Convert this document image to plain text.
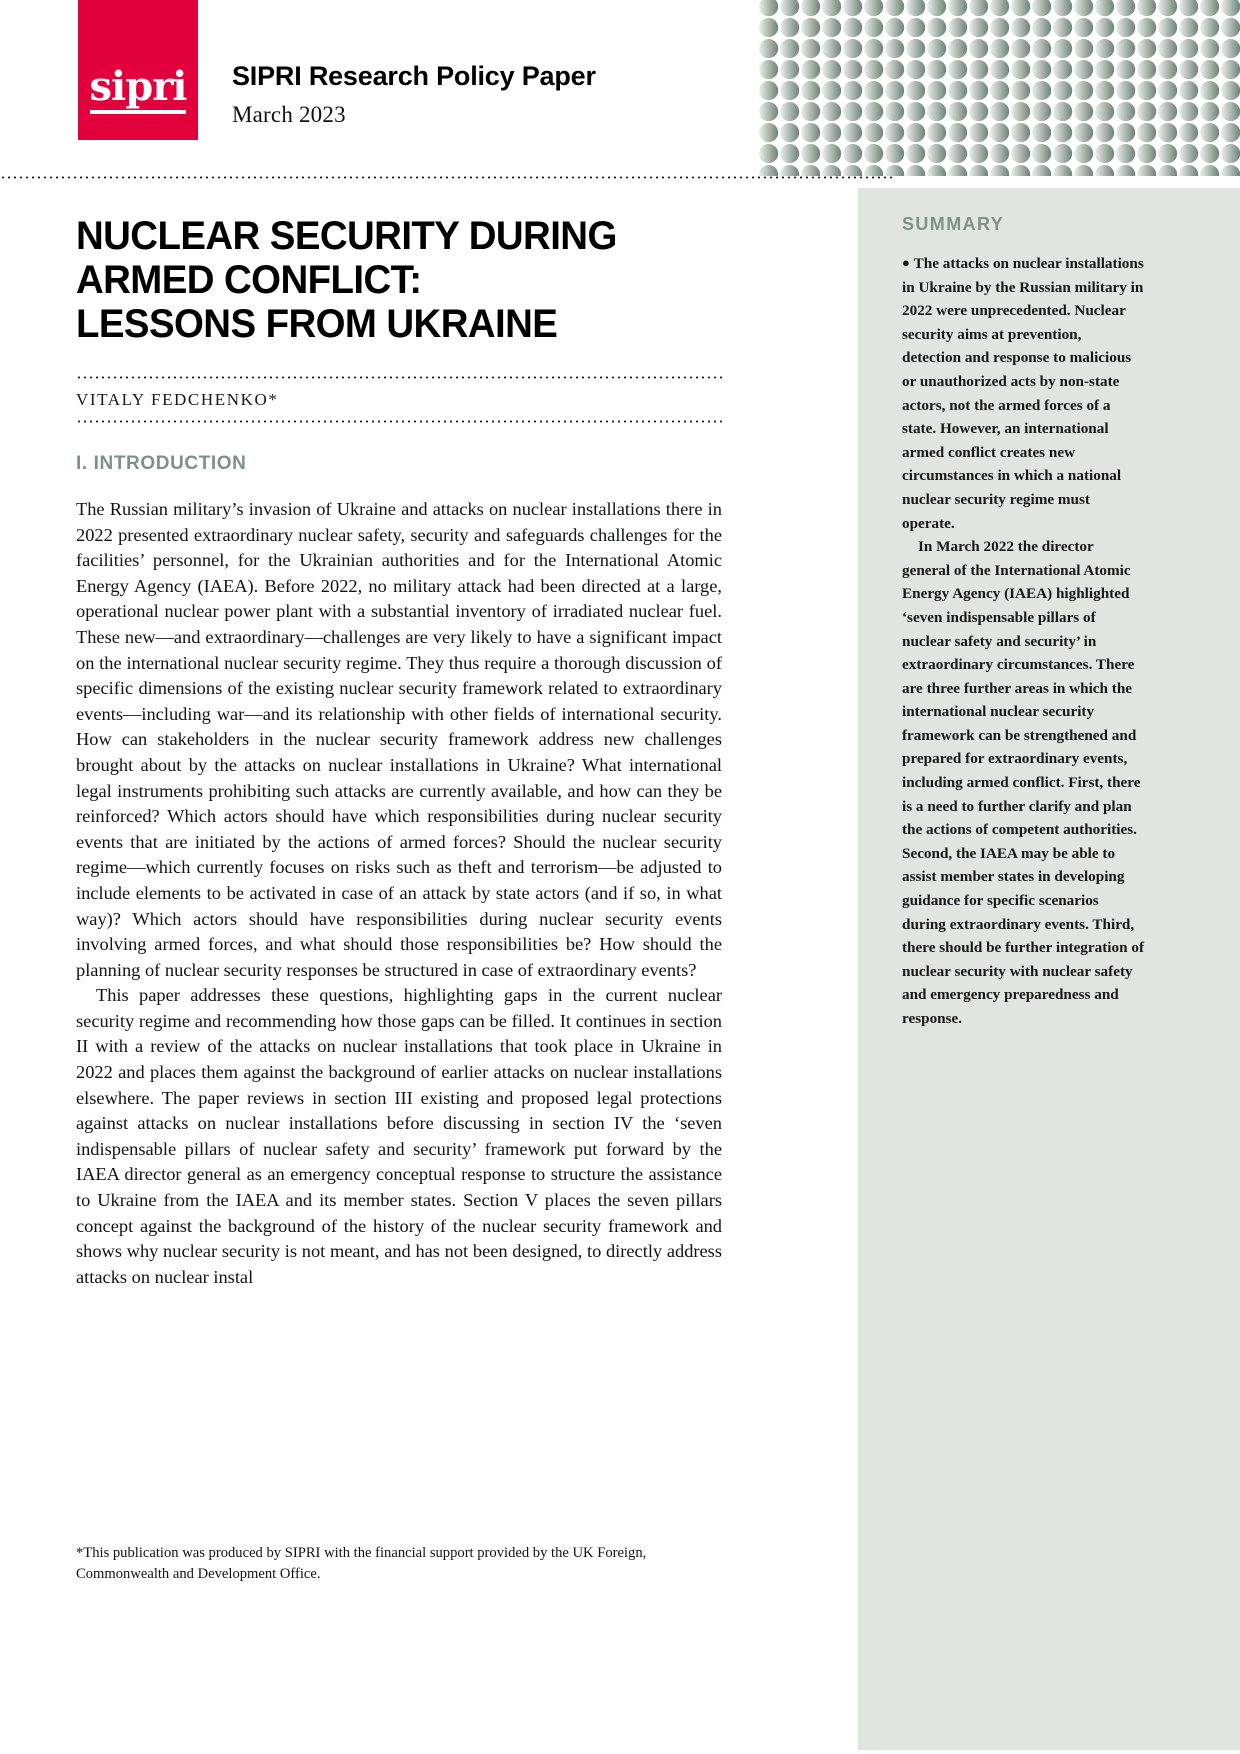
sipri SIPRI Research Policy Paper
March 2023
SUMMARY

● The attacks on nuclear installations in Ukraine by the Russian military in 2022 were unprecedented. Nuclear security aims at prevention, detection and response to malicious or unauthorized acts by non-state actors, not the armed forces of a state. However, an international armed conflict creates new circumstances in which a national nuclear security regime must operate.

In March 2022 the director general of the International Atomic Energy Agency (IAEA) highlighted ‘seven indispensable pillars of nuclear safety and security’ in extraordinary circumstances. There are three further areas in which the international nuclear security framework can be strengthened and prepared for extraordinary events, including armed conflict. First, there is a need to further clarify and plan the actions of competent authorities. Second, the IAEA may be able to assist member states in developing guidance for specific scenarios during extraordinary events. Third, there should be further integration of nuclear security with nuclear safety and emergency preparedness and response.

NUCLEAR SECURITY DURING
ARMED CONFLICT:
LESSONS FROM UKRAINE
VITALY FEDCHENKO*
I. INTRODUCTION

The Russian military’s invasion of Ukraine and attacks on nuclear installations there in 2022 presented extraordinary nuclear safety, security and safeguards challenges for the facilities’ personnel, for the Ukrainian authorities and for the International Atomic Energy Agency (IAEA). Before 2022, no military attack had been directed at a large, operational nuclear power plant with a substantial inventory of irradiated nuclear fuel. These new—and extraordinary—challenges are very likely to have a significant impact on the international nuclear security regime. They thus require a thorough discussion of specific dimensions of the existing nuclear security framework related to extraordinary events—including war—and its relationship with other fields of international security. How can stakeholders in the nuclear security framework address new challenges brought about by the attacks on nuclear installations in Ukraine? What international legal instruments prohibiting such attacks are currently available, and how can they be reinforced? Which actors should have which responsibilities during nuclear security events that are initiated by the actions of armed forces? Should the nuclear security regime—which currently focuses on risks such as theft and terrorism—be adjusted to include elements to be activated in case of an attack by state actors (and if so, in what way)? Which actors should have responsibilities during nuclear security events involving armed forces, and what should those responsibilities be? How should the planning of nuclear security responses be structured in case of extraordinary events?

This paper addresses these questions, highlighting gaps in the current nuclear security regime and recommending how those gaps can be filled. It continues in section II with a review of the attacks on nuclear installations that took place in Ukraine in 2022 and places them against the background of earlier attacks on nuclear installations elsewhere. The paper reviews in section III existing and proposed legal protections against attacks on nuclear installations before discussing in section IV the ‘seven indispensable pillars of nuclear safety and security’ framework put forward by the IAEA director general as an emergency conceptual response to structure the assistance to Ukraine from the IAEA and its member states. Section V places the seven pillars concept against the background of the history of the nuclear security framework and shows why nuclear security is not meant, and has not been designed, to directly address attacks on nuclear instal

*This publication was produced by SIPRI with the financial support provided by the UK Foreign, Commonwealth and Development Office.
